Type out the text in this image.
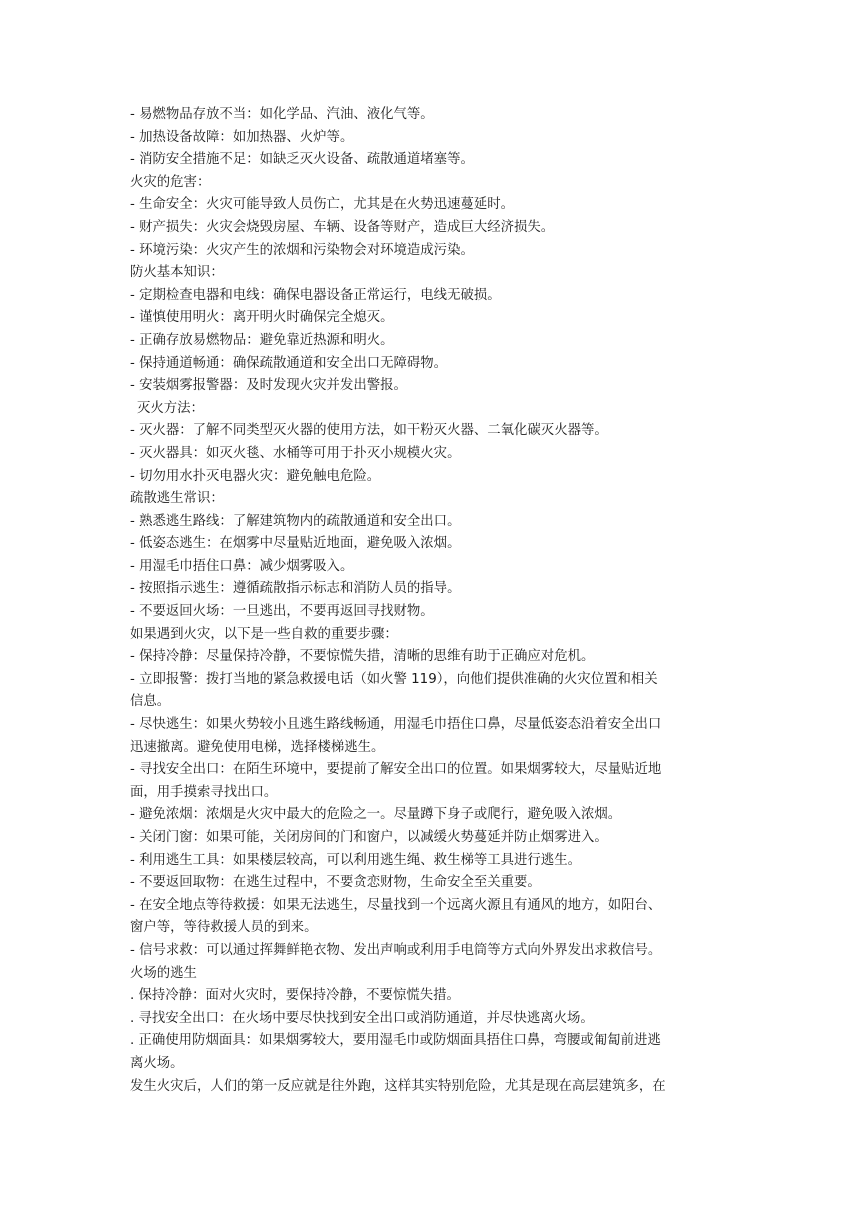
- 易燃物品存放不当：如化学品、汽油、液化气等。
- 加热设备故障：如加热器、火炉等。
- 消防安全措施不足：如缺乏灭火设备、疏散通道堵塞等。
火灾的危害：
- 生命安全：火灾可能导致人员伤亡，尤其是在火势迅速蔓延时。
- 财产损失：火灾会烧毁房屋、车辆、设备等财产，造成巨大经济损失。
- 环境污染：火灾产生的浓烟和污染物会对环境造成污染。
防火基本知识：
- 定期检查电器和电线：确保电器设备正常运行，电线无破损。
- 谨慎使用明火：离开明火时确保完全熄灭。
- 正确存放易燃物品：避免靠近热源和明火。
- 保持通道畅通：确保疏散通道和安全出口无障碍物。
- 安装烟雾报警器：及时发现火灾并发出警报。
灭火方法：
- 灭火器：了解不同类型灭火器的使用方法，如干粉灭火器、二氧化碳灭火器等。
- 灭火器具：如灭火毯、水桶等可用于扑灭小规模火灾。
- 切勿用水扑灭电器火灾：避免触电危险。
疏散逃生常识：
- 熟悉逃生路线：了解建筑物内的疏散通道和安全出口。
- 低姿态逃生：在烟雾中尽量贴近地面，避免吸入浓烟。
- 用湿毛巾捂住口鼻：减少烟雾吸入。
- 按照指示逃生：遵循疏散指示标志和消防人员的指导。
- 不要返回火场：一旦逃出，不要再返回寻找财物。
如果遇到火灾，以下是一些自救的重要步骤：
- 保持冷静：尽量保持冷静，不要惊慌失措，清晰的思维有助于正确应对危机。
- 立即报警：拨打当地的紧急救援电话（如火警 119），向他们提供准确的火灾位置和相关
信息。
- 尽快逃生：如果火势较小且逃生路线畅通，用湿毛巾捂住口鼻，尽量低姿态沿着安全出口
迅速撤离。避免使用电梯，选择楼梯逃生。
- 寻找安全出口：在陌生环境中，要提前了解安全出口的位置。如果烟雾较大，尽量贴近地
面，用手摸索寻找出口。
- 避免浓烟：浓烟是火灾中最大的危险之一。尽量蹲下身子或爬行，避免吸入浓烟。
- 关闭门窗：如果可能，关闭房间的门和窗户，以减缓火势蔓延并防止烟雾进入。
- 利用逃生工具：如果楼层较高，可以利用逃生绳、救生梯等工具进行逃生。
- 不要返回取物：在逃生过程中，不要贪恋财物，生命安全至关重要。
- 在安全地点等待救援：如果无法逃生，尽量找到一个远离火源且有通风的地方，如阳台、
窗户等，等待救援人员的到来。
- 信号求救：可以通过挥舞鲜艳衣物、发出声响或利用手电筒等方式向外界发出求救信号。
火场的逃生
. 保持冷静：面对火灾时，要保持冷静，不要惊慌失措。
. 寻找安全出口：在火场中要尽快找到安全出口或消防通道，并尽快逃离火场。
. 正确使用防烟面具：如果烟雾较大，要用湿毛巾或防烟面具捂住口鼻，弯腰或匍匐前进逃
离火场。
发生火灾后，人们的第一反应就是往外跑，这样其实特别危险，尤其是现在高层建筑多，在
